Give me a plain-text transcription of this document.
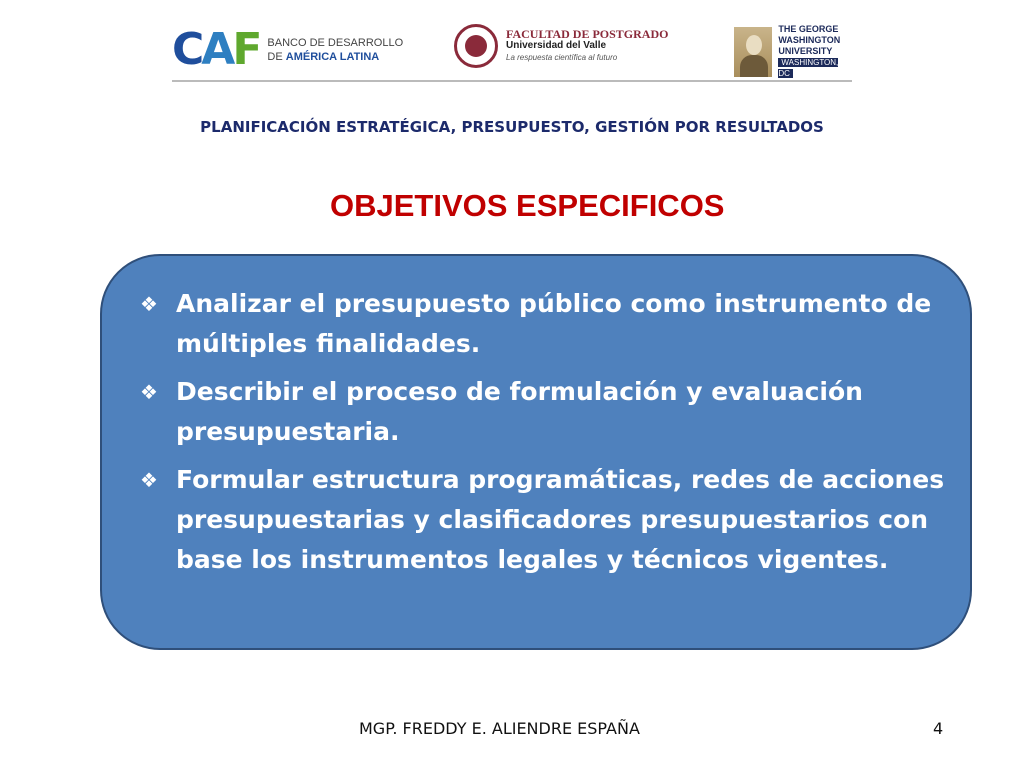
CAF BANCO DE DESARROLLO
DE AMÉRICA LATINA
FACULTAD DE POSTGRADO
Universidad del Valle
La respuesta científica al futuro
THE GEORGE
WASHINGTON
UNIVERSITY
WASHINGTON, DC
PLANIFICACIÓN ESTRATÉGICA, PRESUPUESTO, GESTIÓN POR RESULTADOS
OBJETIVOS ESPECIFICOS
❖ Analizar el presupuesto público como instrumento de múltiples finalidades.
❖ Describir el proceso de formulación y evaluación presupuestaria.
❖ Formular estructura programáticas, redes de acciones presupuestarias y clasificadores presupuestarios con base los instrumentos legales y técnicos vigentes.
MGP. FREDDY E. ALIENDRE ESPAÑA	4
